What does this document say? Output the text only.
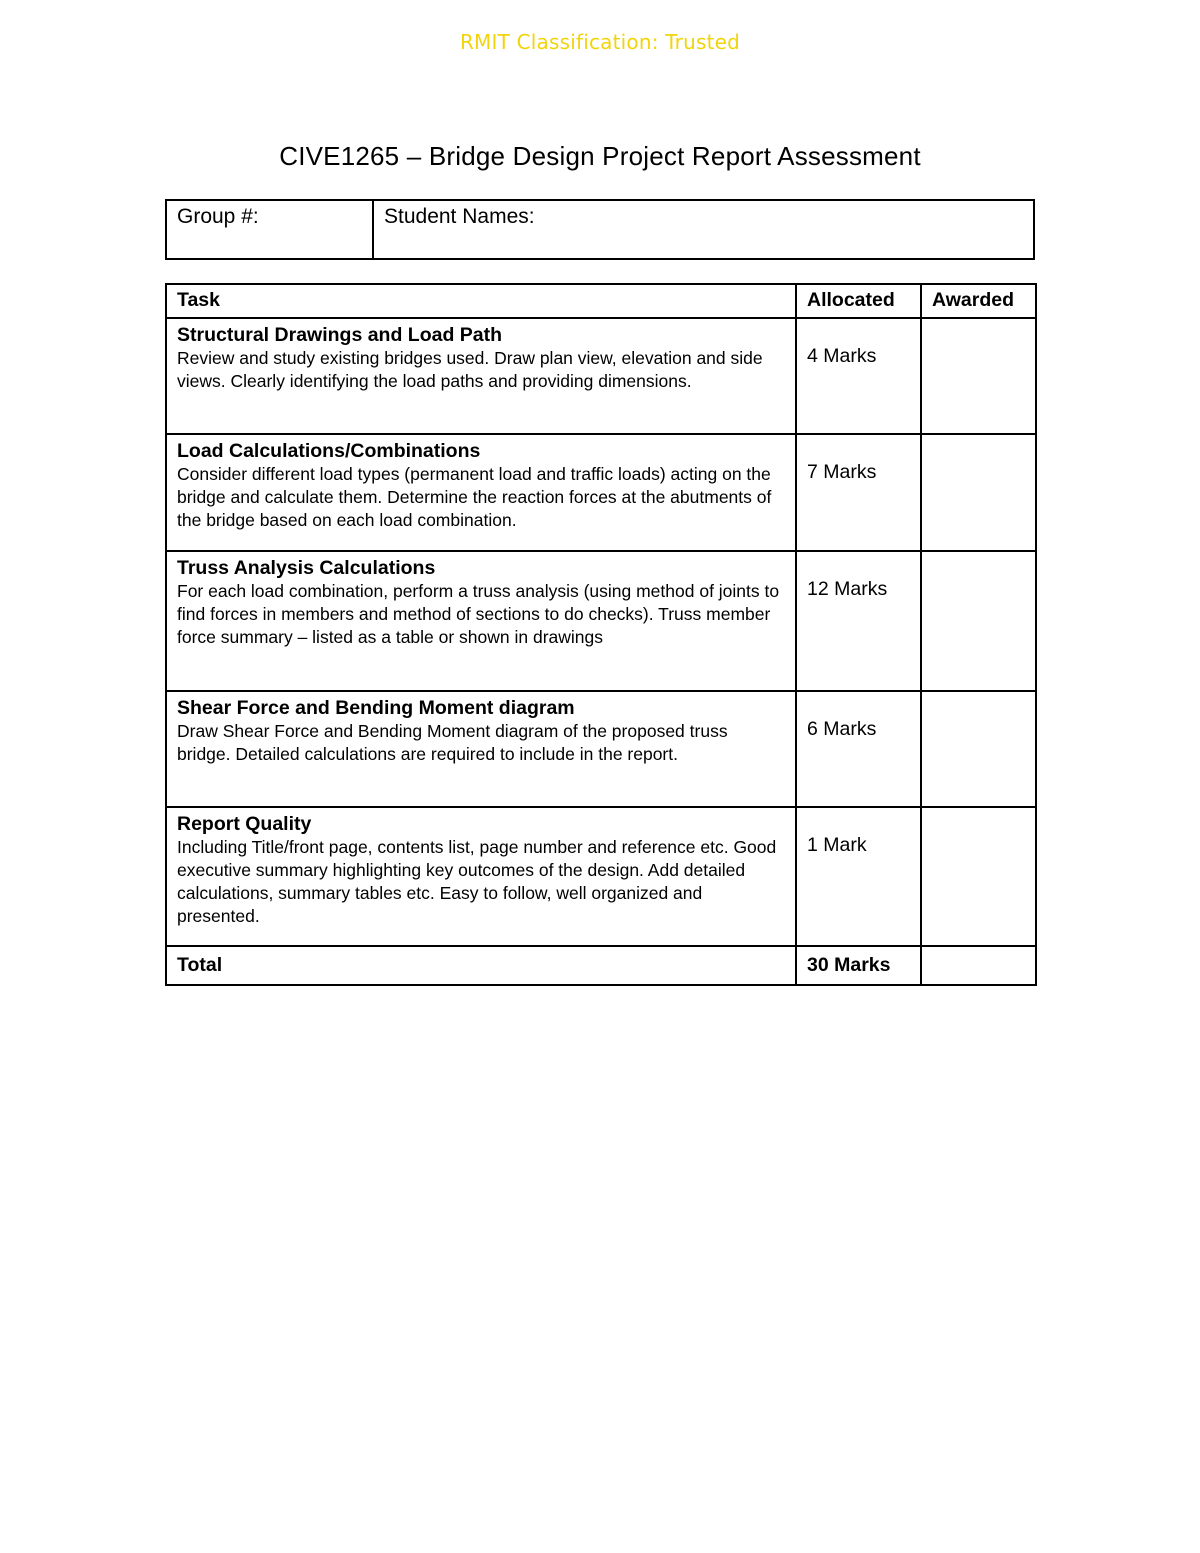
RMIT Classification: Trusted
CIVE1265 – Bridge Design Project Report Assessment
Group #:	Student Names:
Task	Allocated	Awarded

Structural Drawings and Load Path
Review and study existing bridges used. Draw plan view, elevation and side views. Clearly identifying the load paths and providing dimensions.	4 Marks	

Load Calculations/Combinations
Consider different load types (permanent load and traffic loads) acting on the bridge and calculate them. Determine the reaction forces at the abutments of the bridge based on each load combination.	7 Marks	

Truss Analysis Calculations
For each load combination, perform a truss analysis (using method of joints to find forces in members and method of sections to do checks). Truss member force summary – listed as a table or shown in drawings	12 Marks	

Shear Force and Bending Moment diagram
Draw Shear Force and Bending Moment diagram of the proposed truss bridge. Detailed calculations are required to include in the report.	6 Marks	

Report Quality
Including Title/front page, contents list, page number and reference etc. Good executive summary highlighting key outcomes of the design. Add detailed calculations, summary tables etc. Easy to follow, well organized and presented.	1 Mark	
Total	30 Marks	
